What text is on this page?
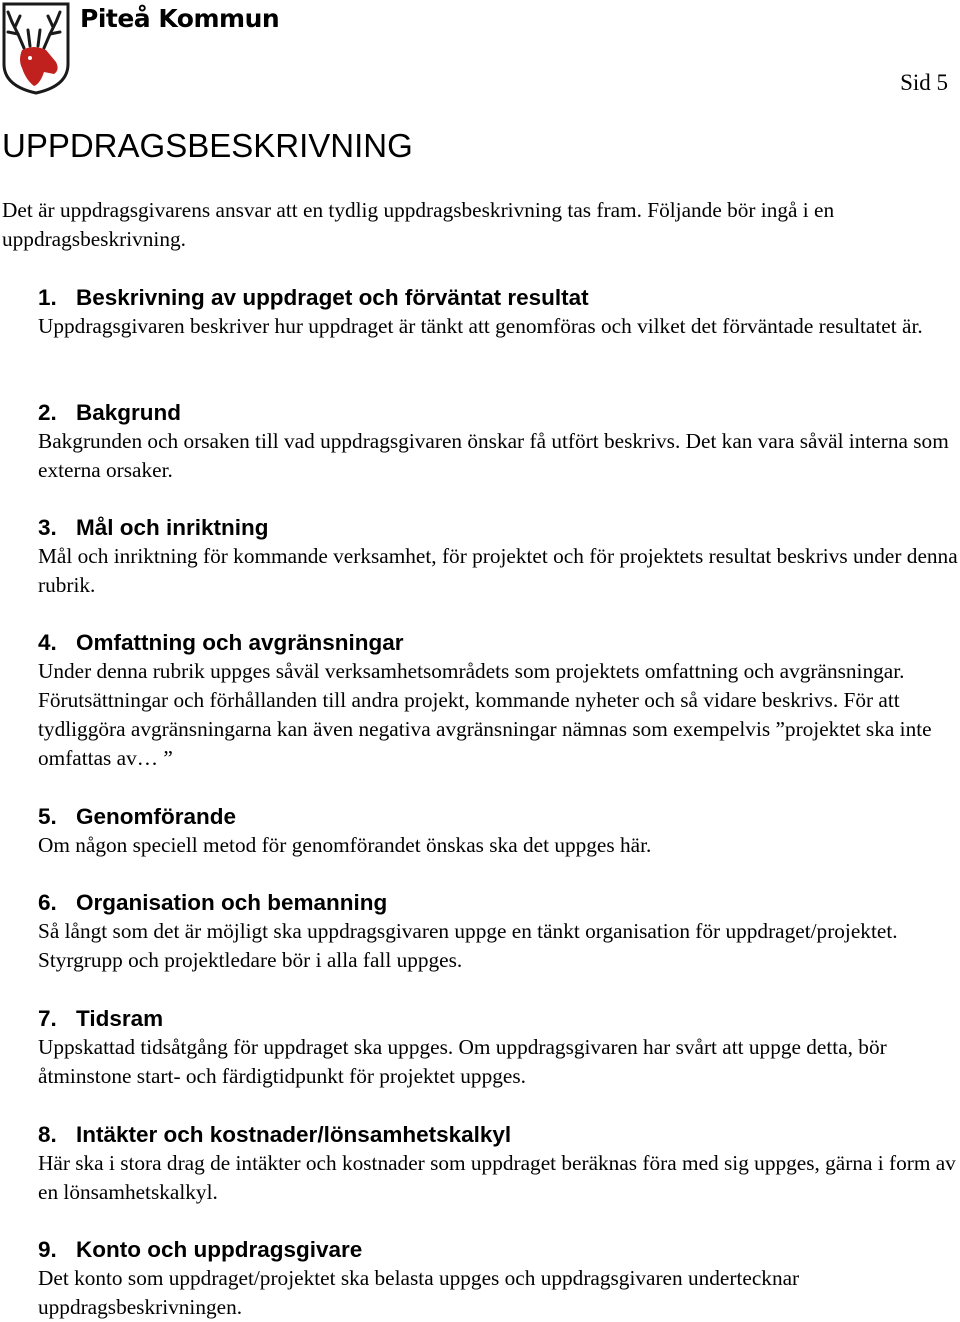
Piteå Kommun
Sid 5
UPPDRAGSBESKRIVNING

Det är uppdragsgivarens ansvar att en tydlig uppdragsbeskrivning tas fram. Följande bör ingå i en uppdragsbeskrivning.

1. Beskrivning av uppdraget och förväntat resultat

Uppdragsgivaren beskriver hur uppdraget är tänkt att genomföras och vilket det förväntade resultatet är.

2. Bakgrund

Bakgrunden och orsaken till vad uppdragsgivaren önskar få utfört beskrivs. Det kan vara såväl interna som externa orsaker.

3. Mål och inriktning

Mål och inriktning för kommande verksamhet, för projektet och för projektets resultat beskrivs under denna rubrik.

4. Omfattning och avgränsningar

Under denna rubrik uppges såväl verksamhetsområdets som projektets omfattning och avgränsningar. Förutsättningar och förhållanden till andra projekt, kommande nyheter och så vidare beskrivs. För att tydliggöra avgränsningarna kan även negativa avgränsningar nämnas som exempelvis ”projektet ska inte omfattas av… ”

5. Genomförande

Om någon speciell metod för genomförandet önskas ska det uppges här.

6. Organisation och bemanning

Så långt som det är möjligt ska uppdragsgivaren uppge en tänkt organisation för uppdraget/projektet. Styrgrupp och projektledare bör i alla fall uppges.

7. Tidsram

Uppskattad tidsåtgång för uppdraget ska uppges. Om uppdragsgivaren har svårt att uppge detta, bör åtminstone start- och färdigtidpunkt för projektet uppges.

8. Intäkter och kostnader/lönsamhetskalkyl

Här ska i stora drag de intäkter och kostnader som uppdraget beräknas föra med sig uppges, gärna i form av en lönsamhetskalkyl.

9. Konto och uppdragsgivare

Det konto som uppdraget/projektet ska belasta uppges och uppdragsgivaren undertecknar uppdragsbeskrivningen.
